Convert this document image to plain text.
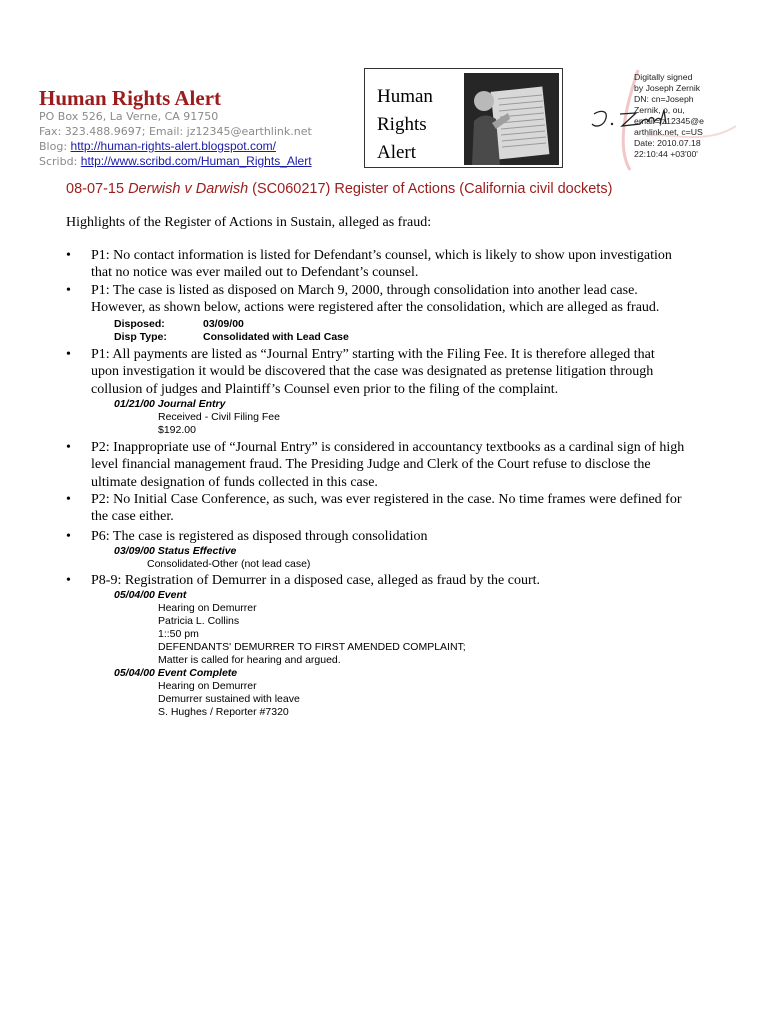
Human Rights Alert
PO Box 526, La Verne, CA 91750
Fax: 323.488.9697; Email: jz12345@earthlink.net
Blog: http://human-rights-alert.blogspot.com/
Scribd: http://www.scribd.com/Human_Rights_Alert
Human
Rights
Alert
Digitally signed
by Joseph Zernik
DN: cn=Joseph
Zernik, o, ou,
email=jz12345@e
arthlink.net, c=US
Date: 2010.07.18
22:10:44 +03'00'
08-07-15 Derwish v Darwish (SC060217) Register of Actions (California civil dockets)
Highlights of the Register of Actions in Sustain, alleged as fraud:
• P1: No contact information is listed for Defendant’s counsel, which is likely to show upon investigation
that no notice was ever mailed out to Defendant’s counsel.
• P1: The case is listed as disposed on March 9, 2000, through consolidation into another lead case.
However, as shown below, actions were registered after the consolidation, which are alleged as fraud.
Disposed:	03/09/00
Disp Type:	Consolidated with Lead Case
• P1: All payments are listed as “Journal Entry” starting with the Filing Fee. It is therefore alleged that
upon investigation it would be discovered that the case was designated as pretense litigation through
collusion of judges and Plaintiff’s Counsel even prior to the filing of the complaint.
01/21/00 Journal Entry
Received - Civil Filing Fee
$192.00
• P2: Inappropriate use of “Journal Entry” is considered in accountancy textbooks as a cardinal sign of high
level financial management fraud. The Presiding Judge and Clerk of the Court refuse to disclose the
ultimate designation of funds collected in this case.
• P2: No Initial Case Conference, as such, was ever registered in the case. No time frames were defined for
the case either.
• P6: The case is registered as disposed through consolidation
03/09/00 Status Effective
Consolidated-Other (not lead case)
• P8-9: Registration of Demurrer in a disposed case, alleged as fraud by the court.
05/04/00 Event
Hearing on Demurrer
Patricia L. Collins
1::50 pm
DEFENDANTS' DEMURRER TO FIRST AMENDED COMPLAINT;
Matter is called for hearing and argued.
05/04/00 Event Complete
Hearing on Demurrer
Demurrer sustained with leave
S. Hughes / Reporter #7320
